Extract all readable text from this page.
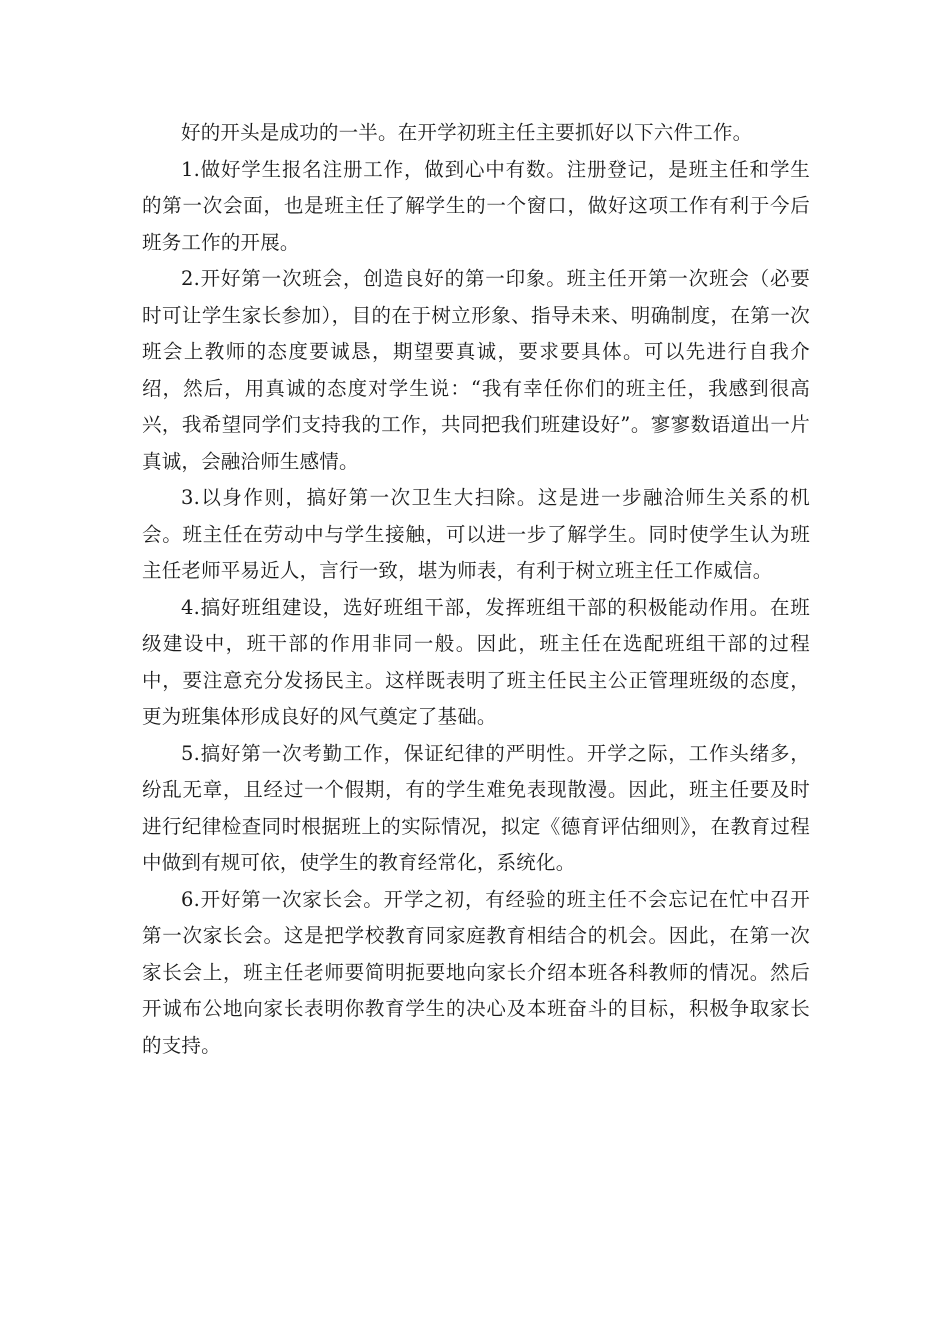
好的开头是成功的一半。在开学初班主任主要抓好以下六件工作。

1.做好学生报名注册工作，做到心中有数。注册登记，是班主任和学生的第一次会面，也是班主任了解学生的一个窗口，做好这项工作有利于今后班务工作的开展。

2.开好第一次班会，创造良好的第一印象。班主任开第一次班会（必要时可让学生家长参加），目的在于树立形象、指导未来、明确制度，在第一次班会上教师的态度要诚恳，期望要真诚，要求要具体。可以先进行自我介绍，然后，用真诚的态度对学生说：“我有幸任你们的班主任，我感到很高兴，我希望同学们支持我的工作，共同把我们班建设好”。寥寥数语道出一片真诚，会融洽师生感情。

3.以身作则，搞好第一次卫生大扫除。这是进一步融洽师生关系的机会。班主任在劳动中与学生接触，可以进一步了解学生。同时使学生认为班主任老师平易近人，言行一致，堪为师表，有利于树立班主任工作威信。

4.搞好班组建设，选好班组干部，发挥班组干部的积极能动作用。在班级建设中，班干部的作用非同一般。因此，班主任在选配班组干部的过程中，要注意充分发扬民主。这样既表明了班主任民主公正管理班级的态度，更为班集体形成良好的风气奠定了基础。

5.搞好第一次考勤工作，保证纪律的严明性。开学之际，工作头绪多，纷乱无章，且经过一个假期，有的学生难免表现散漫。因此，班主任要及时进行纪律检查同时根据班上的实际情况，拟定《德育评估细则》，在教育过程中做到有规可依，使学生的教育经常化，系统化。

6.开好第一次家长会。开学之初，有经验的班主任不会忘记在忙中召开第一次家长会。这是把学校教育同家庭教育相结合的机会。因此，在第一次家长会上，班主任老师要简明扼要地向家长介绍本班各科教师的情况。然后开诚布公地向家长表明你教育学生的决心及本班奋斗的目标，积极争取家长的支持。
